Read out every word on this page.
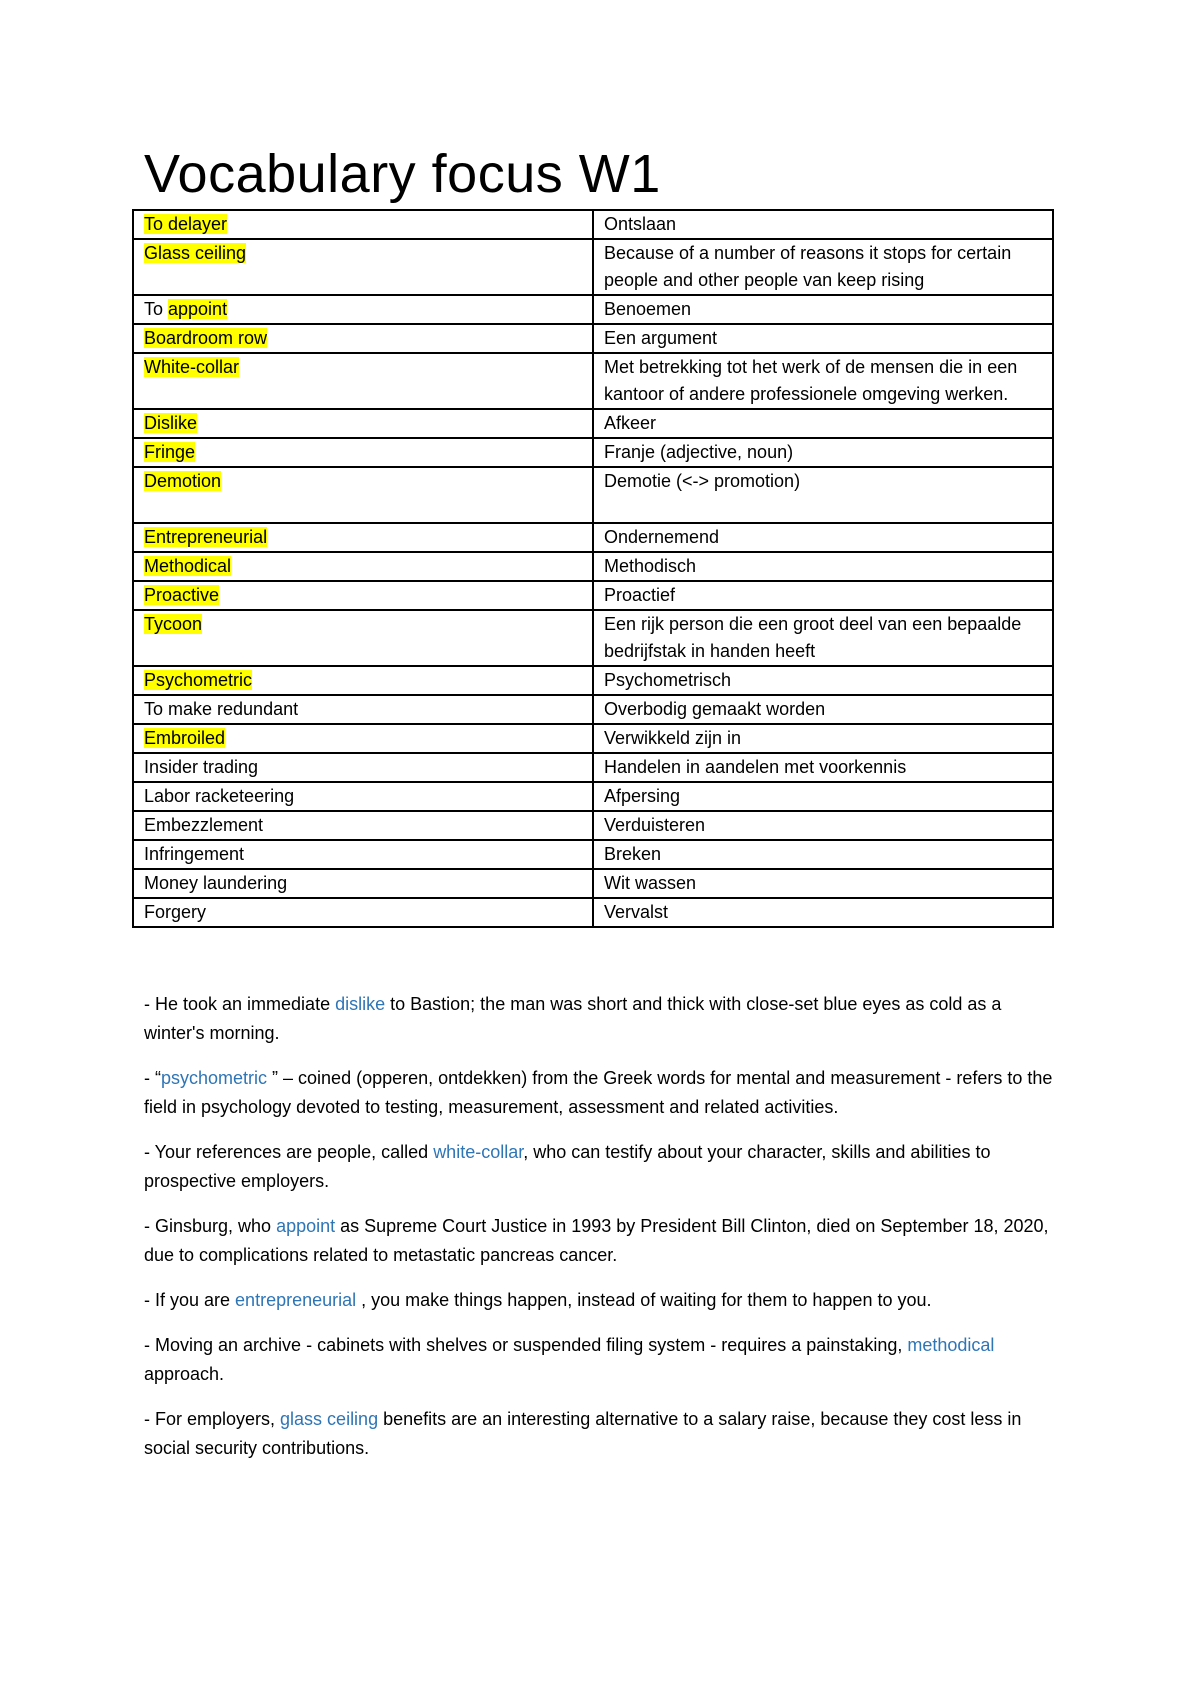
Vocabulary focus W1
To delayer	Ontslaan
Glass ceiling	Because of a number of reasons it stops for certain people and other people van keep rising
To appoint	Benoemen
Boardroom row	Een argument
White-collar	Met betrekking tot het werk of de mensen die in een kantoor of andere professionele omgeving werken.
Dislike	Afkeer
Fringe	Franje (adjective, noun)
Demotion	Demotie (<-> promotion)
Entrepreneurial	Ondernemend
Methodical	Methodisch
Proactive	Proactief
Tycoon	Een rijk person die een groot deel van een bepaalde bedrijfstak in handen heeft
Psychometric	Psychometrisch
To make redundant	Overbodig gemaakt worden
Embroiled	Verwikkeld zijn in
Insider trading	Handelen in aandelen met voorkennis
Labor racketeering	Afpersing
Embezzlement	Verduisteren
Infringement	Breken
Money laundering	Wit wassen
Forgery	Vervalst

- He took an immediate dislike to Bastion; the man was short and thick with close-set blue eyes as cold as a winter's morning.

- “psychometric ” – coined (opperen, ontdekken) from the Greek words for mental and measurement - refers to the field in psychology devoted to testing, measurement, assessment and related activities.

- Your references are people, called white-collar, who can testify about your character, skills and abilities to prospective employers.

- Ginsburg, who appoint as Supreme Court Justice in 1993 by President Bill Clinton, died on September 18, 2020, due to complications related to metastatic pancreas cancer.

- If you are entrepreneurial , you make things happen, instead of waiting for them to happen to you.

- Moving an archive - cabinets with shelves or suspended filing system - requires a painstaking, methodical approach.

- For employers, glass ceiling benefits are an interesting alternative to a salary raise, because they cost less in social security contributions.
